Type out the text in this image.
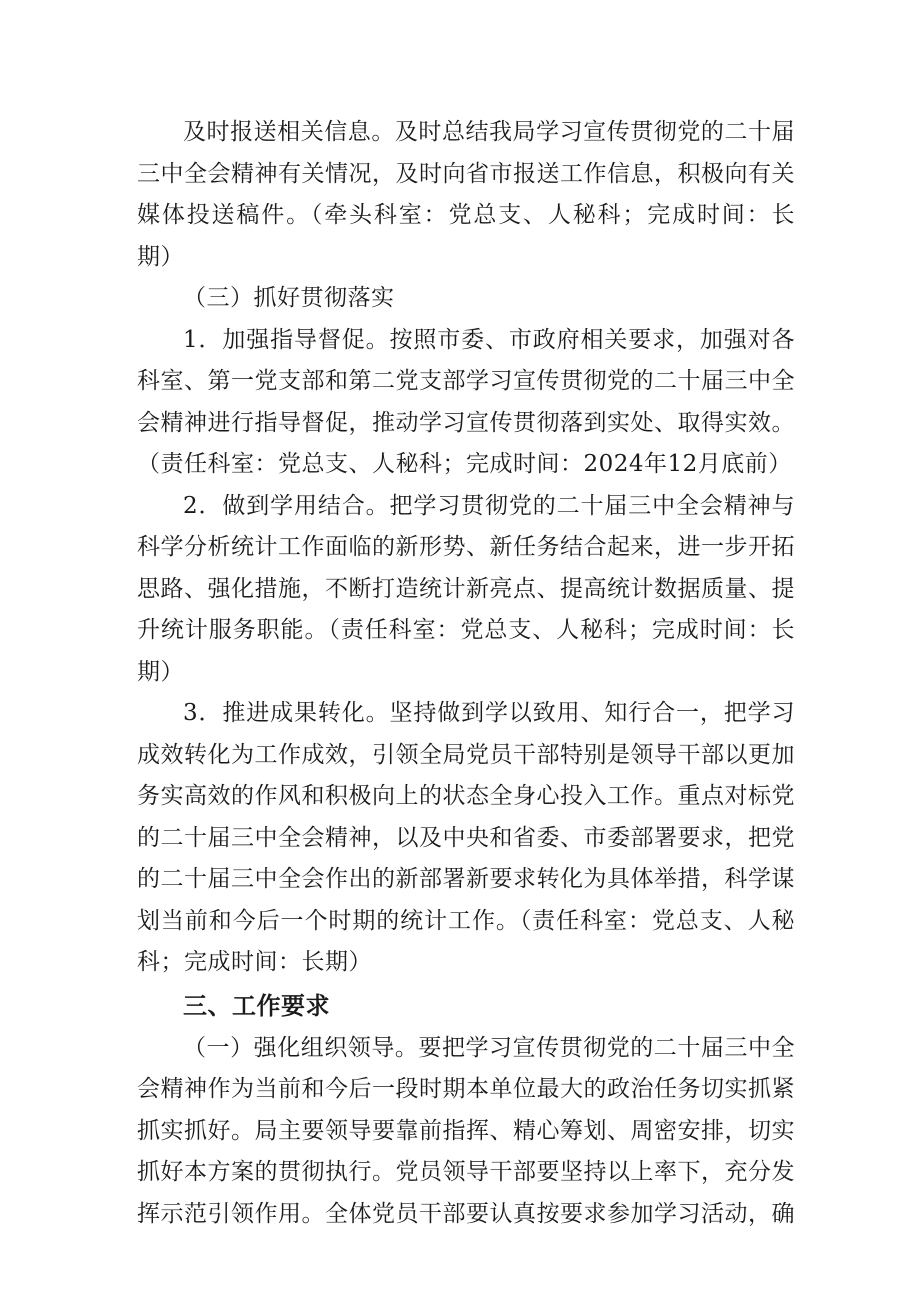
及时报送相关信息。及时总结我局学习宣传贯彻党的二十届三中全会精神有关情况，及时向省市报送工作信息，积极向有关媒体投送稿件。（牵头科室：党总支、人秘科；完成时间：长期）

（三）抓好贯彻落实

1．加强指导督促。按照市委、市政府相关要求，加强对各科室、第一党支部和第二党支部学习宣传贯彻党的二十届三中全会精神进行指导督促，推动学习宣传贯彻落到实处、取得实效。（责任科室：党总支、人秘科；完成时间：2024年12月底前）

2．做到学用结合。把学习贯彻党的二十届三中全会精神与科学分析统计工作面临的新形势、新任务结合起来，进一步开拓思路、强化措施，不断打造统计新亮点、提高统计数据质量、提升统计服务职能。（责任科室：党总支、人秘科；完成时间：长期）

3．推进成果转化。坚持做到学以致用、知行合一，把学习成效转化为工作成效，引领全局党员干部特别是领导干部以更加务实高效的作风和积极向上的状态全身心投入工作。重点对标党的二十届三中全会精神，以及中央和省委、市委部署要求，把党的二十届三中全会作出的新部署新要求转化为具体举措，科学谋划当前和今后一个时期的统计工作。（责任科室：党总支、人秘科；完成时间：长期）

三、工作要求

（一）强化组织领导。要把学习宣传贯彻党的二十届三中全会精神作为当前和今后一段时期本单位最大的政治任务切实抓紧抓实抓好。局主要领导要靠前指挥、精心筹划、周密安排，切实抓好本方案的贯彻执行。党员领导干部要坚持以上率下，充分发挥示范引领作用。全体党员干部要认真按要求参加学习活动，确
